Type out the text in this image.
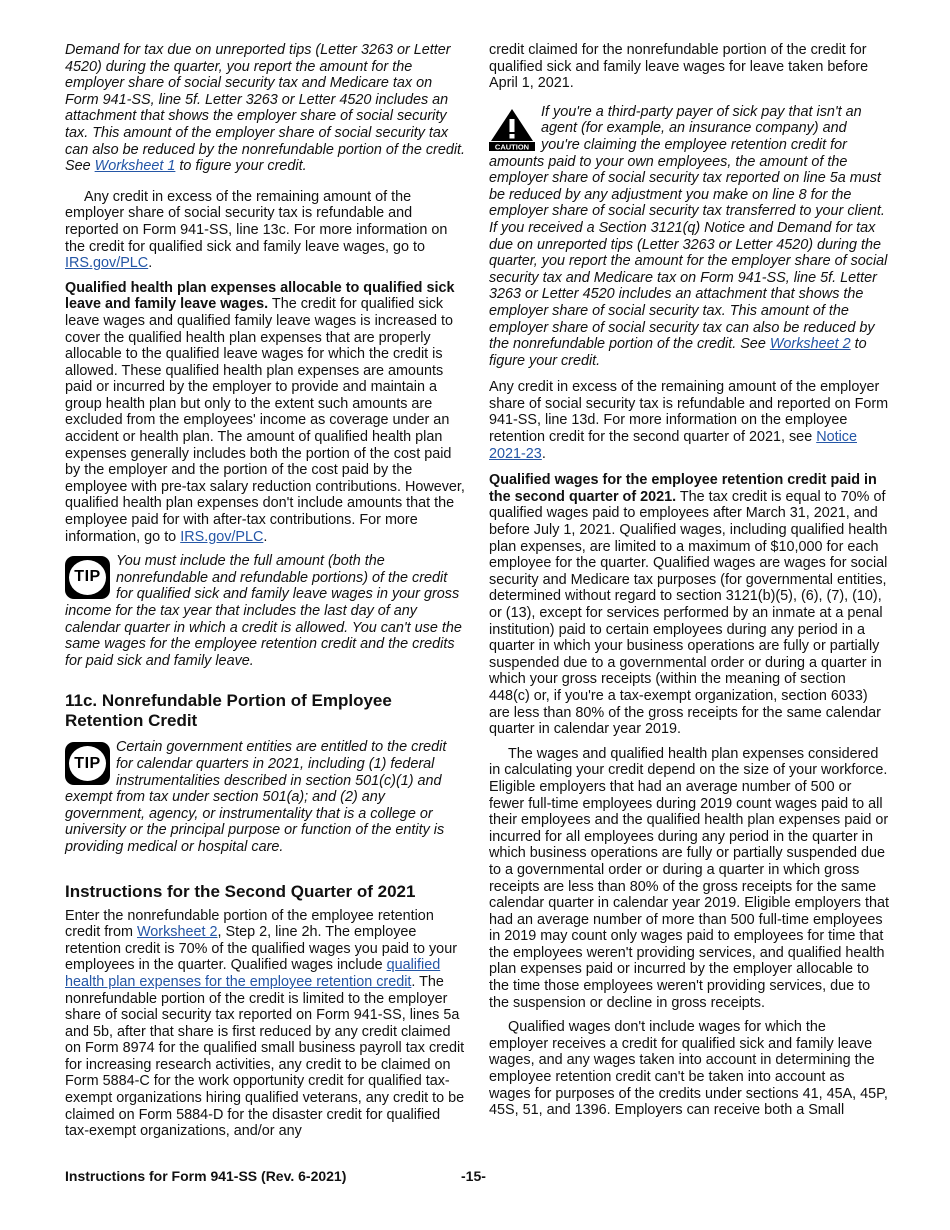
Demand for tax due on unreported tips (Letter 3263 or Letter 4520) during the quarter, you report the amount for the employer share of social security tax and Medicare tax on Form 941-SS, line 5f. Letter 3263 or Letter 4520 includes an attachment that shows the employer share of social security tax. This amount of the employer share of social security tax can also be reduced by the nonrefundable portion of the credit. See Worksheet 1 to figure your credit.

Any credit in excess of the remaining amount of the employer share of social security tax is refundable and reported on Form 941-SS, line 13c. For more information on the credit for qualified sick and family leave wages, go to IRS.gov/PLC.

Qualified health plan expenses allocable to qualified sick leave and family leave wages. The credit for qualified sick leave wages and qualified family leave wages is increased to cover the qualified health plan expenses that are properly allocable to the qualified leave wages for which the credit is allowed. These qualified health plan expenses are amounts paid or incurred by the employer to provide and maintain a group health plan but only to the extent such amounts are excluded from the employees' income as coverage under an accident or health plan. The amount of qualified health plan expenses generally includes both the portion of the cost paid by the employer and the portion of the cost paid by the employee with pre-tax salary reduction contributions. However, qualified health plan expenses don't include amounts that the employee paid for with after-tax contributions. For more information, go to IRS.gov/PLC.

TIP

You must include the full amount (both the nonrefundable and refundable portions) of the credit for qualified sick and family leave wages in your gross income for the tax year that includes the last day of any calendar quarter in which a credit is allowed. You can't use the same wages for the employee retention credit and the credits for paid sick and family leave.

11c. Nonrefundable Portion of Employee Retention Credit
TIP

Certain government entities are entitled to the credit for calendar quarters in 2021, including (1) federal instrumentalities described in section 501(c)(1) and exempt from tax under section 501(a); and (2) any government, agency, or instrumentality that is a college or university or the principal purpose or function of the entity is providing medical or hospital care.

Instructions for the Second Quarter of 2021

Enter the nonrefundable portion of the employee retention credit from Worksheet 2, Step 2, line 2h. The employee retention credit is 70% of the qualified wages you paid to your employees in the quarter. Qualified wages include qualified health plan expenses for the employee retention credit. The nonrefundable portion of the credit is limited to the employer share of social security tax reported on Form 941-SS, lines 5a and 5b, after that share is first reduced by any credit claimed on Form 8974 for the qualified small business payroll tax credit for increasing research activities, any credit to be claimed on Form 5884-C for the work opportunity credit for qualified tax-exempt organizations hiring qualified veterans, any credit to be claimed on Form 5884-D for the disaster credit for qualified tax-exempt organizations, and/or any

credit claimed for the nonrefundable portion of the credit for qualified sick and family leave wages for leave taken before April 1, 2021.

CAUTION

If you're a third-party payer of sick pay that isn't an agent (for example, an insurance company) and you're claiming the employee retention credit for amounts paid to your own employees, the amount of the employer share of social security tax reported on line 5a must be reduced by any adjustment you make on line 8 for the employer share of social security tax transferred to your client. If you received a Section 3121(q) Notice and Demand for tax due on unreported tips (Letter 3263 or Letter 4520) during the quarter, you report the amount for the employer share of social security tax and Medicare tax on Form 941-SS, line 5f. Letter 3263 or Letter 4520 includes an attachment that shows the employer share of social security tax. This amount of the employer share of social security tax can also be reduced by the nonrefundable portion of the credit. See Worksheet 2 to figure your credit.

Any credit in excess of the remaining amount of the employer share of social security tax is refundable and reported on Form 941-SS, line 13d. For more information on the employee retention credit for the second quarter of 2021, see Notice 2021-23.

Qualified wages for the employee retention credit paid in the second quarter of 2021. The tax credit is equal to 70% of qualified wages paid to employees after March 31, 2021, and before July 1, 2021. Qualified wages, including qualified health plan expenses, are limited to a maximum of $10,000 for each employee for the quarter. Qualified wages are wages for social security and Medicare tax purposes (for governmental entities, determined without regard to section 3121(b)(5), (6), (7), (10), or (13), except for services performed by an inmate at a penal institution) paid to certain employees during any period in a quarter in which your business operations are fully or partially suspended due to a governmental order or during a quarter in which your gross receipts (within the meaning of section 448(c) or, if you're a tax-exempt organization, section 6033) are less than 80% of the gross receipts for the same calendar quarter in calendar year 2019.

The wages and qualified health plan expenses considered in calculating your credit depend on the size of your workforce. Eligible employers that had an average number of 500 or fewer full-time employees during 2019 count wages paid to all their employees and the qualified health plan expenses paid or incurred for all employees during any period in the quarter in which business operations are fully or partially suspended due to a governmental order or during a quarter in which gross receipts are less than 80% of the gross receipts for the same calendar quarter in calendar year 2019. Eligible employers that had an average number of more than 500 full-time employees in 2019 may count only wages paid to employees for time that the employees weren't providing services, and qualified health plan expenses paid or incurred by the employer allocable to the time those employees weren't providing services, due to the suspension or decline in gross receipts.

Qualified wages don't include wages for which the employer receives a credit for qualified sick and family leave wages, and any wages taken into account in determining the employee retention credit can't be taken into account as wages for purposes of the credits under sections 41, 45A, 45P, 45S, 51, and 1396. Employers can receive both a Small

Instructions for Form 941-SS (Rev. 6-2021)	-15-
